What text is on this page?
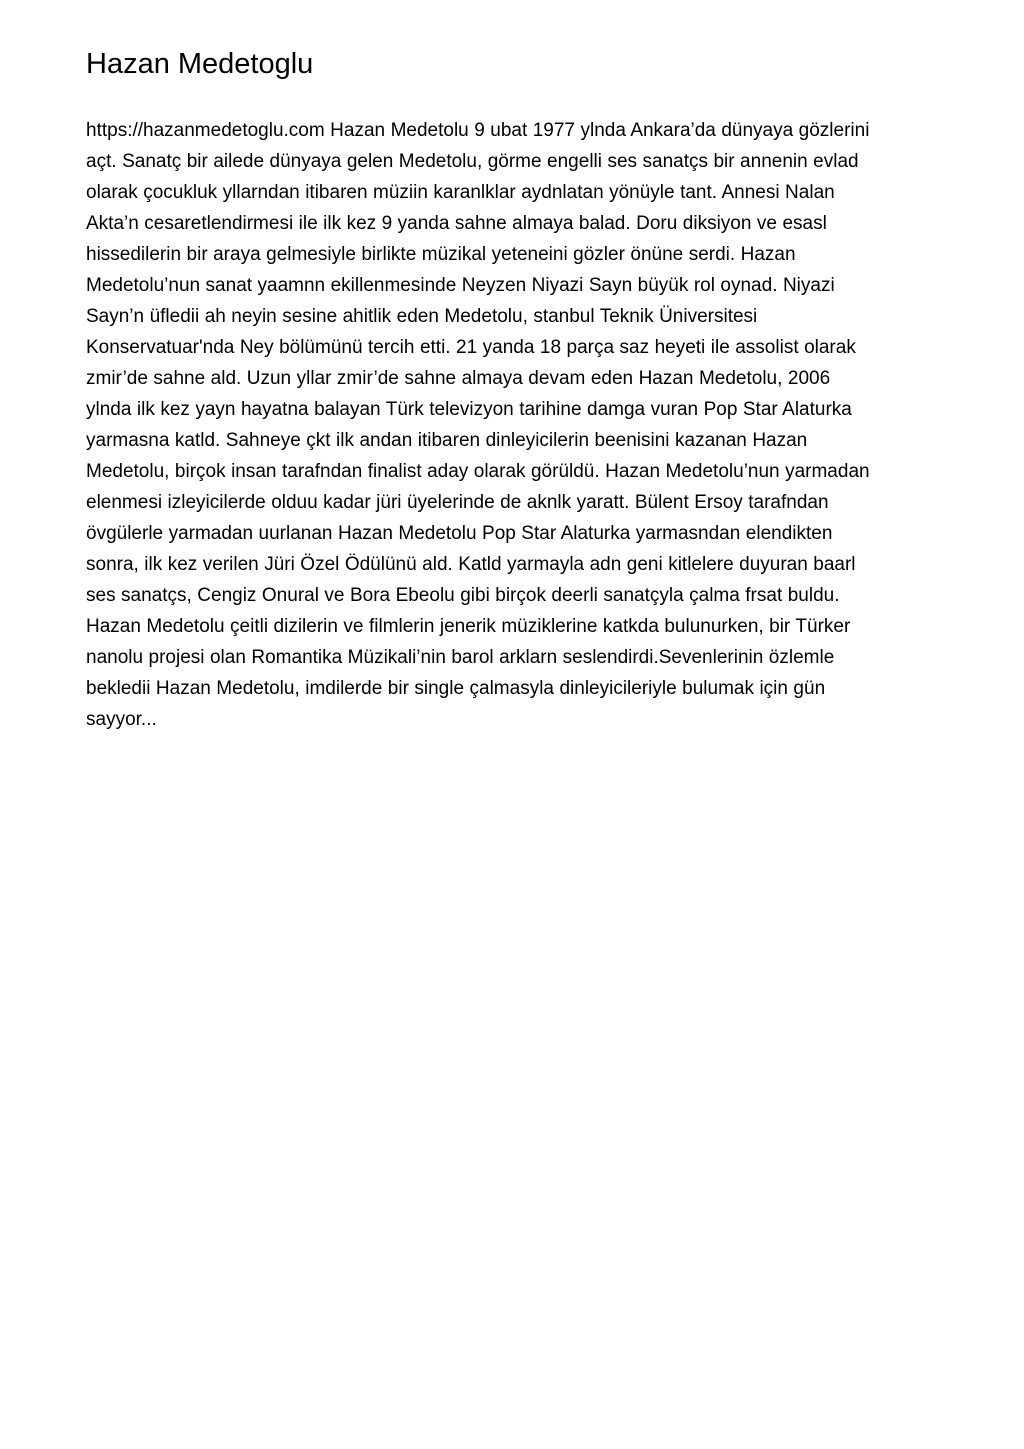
Hazan Medetoglu

https://hazanmedetoglu.com Hazan Medetolu 9 ubat 1977 ylnda Ankara’da dünyaya gözlerini
açt. Sanatç bir ailede dünyaya gelen Medetolu, görme engelli ses sanatçs bir annenin evlad
olarak çocukluk yllarndan itibaren müziin karanlklar aydnlatan yönüyle tant. Annesi Nalan
Akta’n cesaretlendirmesi ile ilk kez 9 yanda sahne almaya balad. Doru diksiyon ve esasl
hissedilerin bir araya gelmesiyle birlikte müzikal yeteneini gözler önüne serdi. Hazan
Medetolu’nun sanat yaamnn ekillenmesinde Neyzen Niyazi Sayn büyük rol oynad. Niyazi
Sayn’n üfledii ah neyin sesine ahitlik eden Medetolu, stanbul Teknik Üniversitesi
Konservatuar'nda Ney bölümünü tercih etti. 21 yanda 18 parça saz heyeti ile assolist olarak
zmir’de sahne ald. Uzun yllar zmir’de sahne almaya devam eden Hazan Medetolu, 2006
ylnda ilk kez yayn hayatna balayan Türk televizyon tarihine damga vuran Pop Star Alaturka
yarmasna katld. Sahneye çkt ilk andan itibaren dinleyicilerin beenisini kazanan Hazan
Medetolu, birçok insan tarafndan finalist aday olarak görüldü. Hazan Medetolu’nun yarmadan
elenmesi izleyicilerde olduu kadar jüri üyelerinde de aknlk yaratt. Bülent Ersoy tarafndan
övgülerle yarmadan uurlanan Hazan Medetolu Pop Star Alaturka yarmasndan elendikten
sonra, ilk kez verilen Jüri Özel Ödülünü ald. Katld yarmayla adn geni kitlelere duyuran baarl
ses sanatçs, Cengiz Onural ve Bora Ebeolu gibi birçok deerli sanatçyla çalma frsat buldu.
Hazan Medetolu çeitli dizilerin ve filmlerin jenerik müziklerine katkda bulunurken, bir Türker
nanolu projesi olan Romantika Müzikali’nin barol arklarn seslendirdi.Sevenlerinin özlemle
bekledii Hazan Medetolu, imdilerde bir single çalmasyla dinleyicileriyle bulumak için gün
sayyor...
